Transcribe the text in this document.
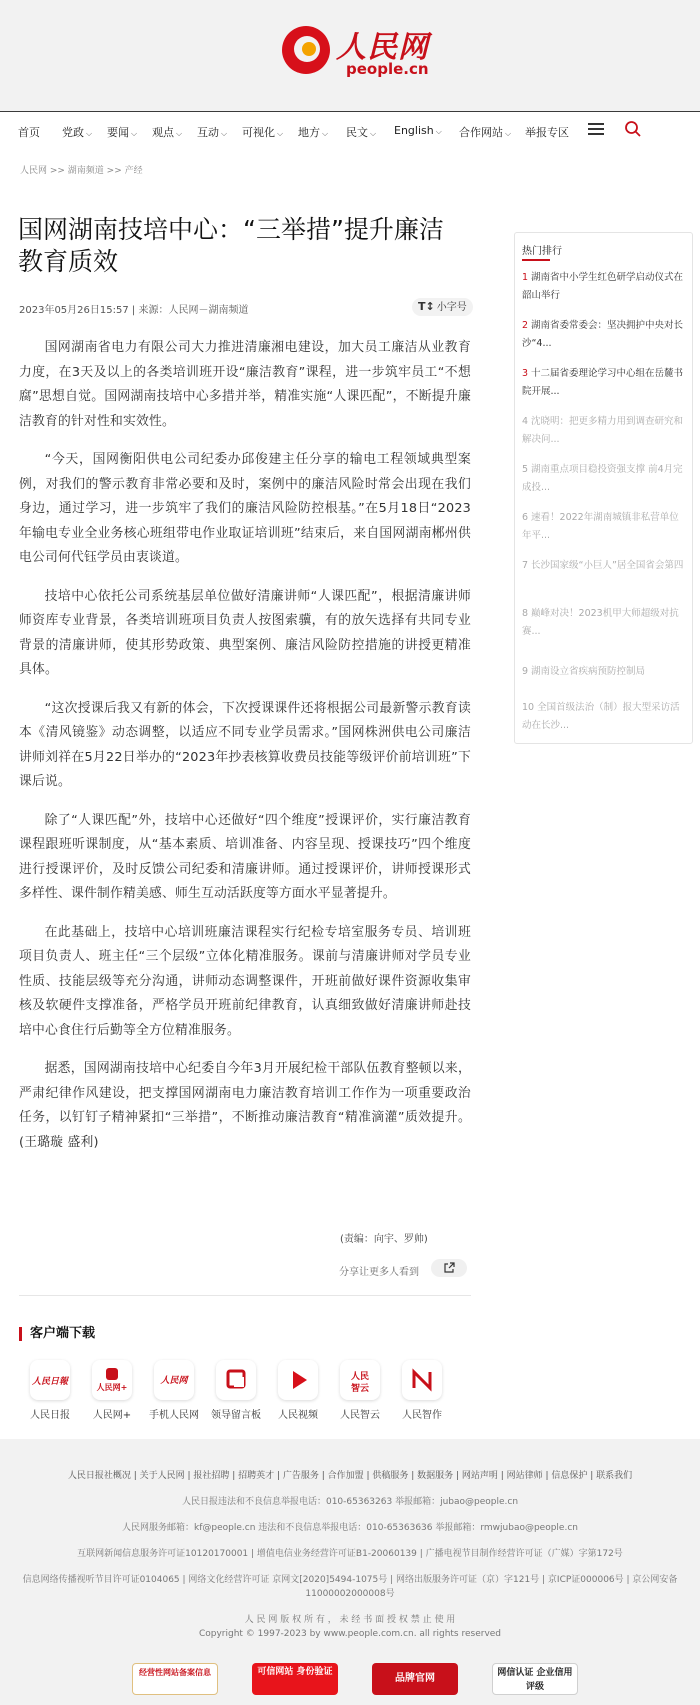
人民网
people.cn
首页 党政 ⌵ 要闻 ⌵ 观点 ⌵ 互动 ⌵ 可视化 ⌵ 地方 ⌵ 民文 ⌵ English ⌵ 合作网站 ⌵ 举报专区
人民网 >> 湖南频道 >> 产经
国网湖南技培中心：“三举措”提升廉洁教育质效
2023年05月26日15:57 | 来源：人民网－湖南频道	T↕ 小字号

国网湖南省电力有限公司大力推进清廉湘电建设，加大员工廉洁从业教育力度，在3天及以上的各类培训班开设“廉洁教育”课程，进一步筑牢员工“不想腐”思想自觉。国网湖南技培中心多措并举，精准实施“人课匹配”，不断提升廉洁教育的针对性和实效性。

“今天，国网衡阳供电公司纪委办邱俊建主任分享的输电工程领域典型案例，对我们的警示教育非常必要和及时，案例中的廉洁风险时常会出现在我们身边，通过学习，进一步筑牢了我们的廉洁风险防控根基。”在5月18日“2023年输电专业全业务核心班组带电作业取证培训班”结束后，来自国网湖南郴州供电公司何代钰学员由衷谈道。

技培中心依托公司系统基层单位做好清廉讲师“人课匹配”，根据清廉讲师师资库专业背景，各类培训班项目负责人按图索骥，有的放矢选择有共同专业背景的清廉讲师，使其形势政策、典型案例、廉洁风险防控措施的讲授更精准具体。

“这次授课后我又有新的体会，下次授课课件还将根据公司最新警示教育读本《清风镜鉴》动态调整，以适应不同专业学员需求。”国网株洲供电公司廉洁讲师刘祥在5月22日举办的“2023年抄表核算收费员技能等级评价前培训班”下课后说。

除了“人课匹配”外，技培中心还做好“四个维度”授课评价，实行廉洁教育课程跟班听课制度，从“基本素质、培训准备、内容呈现、授课技巧”四个维度进行授课评价，及时反馈公司纪委和清廉讲师。通过授课评价，讲师授课形式多样性、课件制作精美感、师生互动活跃度等方面水平显著提升。

在此基础上，技培中心培训班廉洁课程实行纪检专培室服务专员、培训班项目负责人、班主任“三个层级”立体化精准服务。课前与清廉讲师对学员专业性质、技能层级等充分沟通，讲师动态调整课件，开班前做好课件资源收集审核及软硬件支撑准备，严格学员开班前纪律教育，认真细致做好清廉讲师赴技培中心食住行后勤等全方位精准服务。

据悉，国网湖南技培中心纪委自今年3月开展纪检干部队伍教育整顿以来，严肃纪律作风建设，把支撑国网湖南电力廉洁教育培训工作作为一项重要政治任务，以钉钉子精神紧扣“三举措”，不断推动廉洁教育“精准滴灌”质效提升。(王璐璇 盛利)

(责编：向宇、罗帅)
分享让更多人看到
客户端下载
人民日報
人民日报
人民网+
人民网+
人民网
手机人民网	领导留言板	人民视频
人民
智云
人民智云	人民智作
热门排行
1 湖南省中小学生红色研学启动仪式在韶山举行
2 湖南省委常委会：坚决拥护中央对长沙“4...
3 十二届省委理论学习中心组在岳麓书院开展...
4 沈晓明：把更多精力用到调查研究和解决问...
5 湖南重点项目稳投资强支撑 前4月完成投...
6 速看！2022年湖南城镇非私营单位年平...
7 长沙国家级“小巨人”居全国省会第四
8 巅峰对决！2023机甲大师超级对抗赛...
9 湖南设立省疾病预防控制局
10 全国首级法治（制）报大型采访活动在长沙...
人民日报社概况 | 关于人民网 | 报社招聘 | 招聘英才 | 广告服务 | 合作加盟 | 供稿服务 | 数据服务 | 网站声明 | 网站律师 | 信息保护 | 联系我们
人民日报违法和不良信息举报电话：010-65363263 举报邮箱：jubao@people.cn
人民网服务邮箱：kf@people.cn 违法和不良信息举报电话：010-65363636 举报邮箱：rmwjubao@people.cn
互联网新闻信息服务许可证10120170001 | 增值电信业务经营许可证B1-20060139 | 广播电视节目制作经营许可证（广媒）字第172号
信息网络传播视听节目许可证0104065 | 网络文化经营许可证 京网文[2020]5494-1075号 | 网络出版服务许可证（京）字121号 | 京ICP证000006号 | 京公网安备11000002000008号
人 民 网 版 权 所 有 ， 未 经 书 面 授 权 禁 止 使 用
Copyright © 1997-2023 by www.people.com.cn. all rights reserved
经营性网站备案信息	可信网站 身份验证
品牌官网	网信认证 企业信用评级
